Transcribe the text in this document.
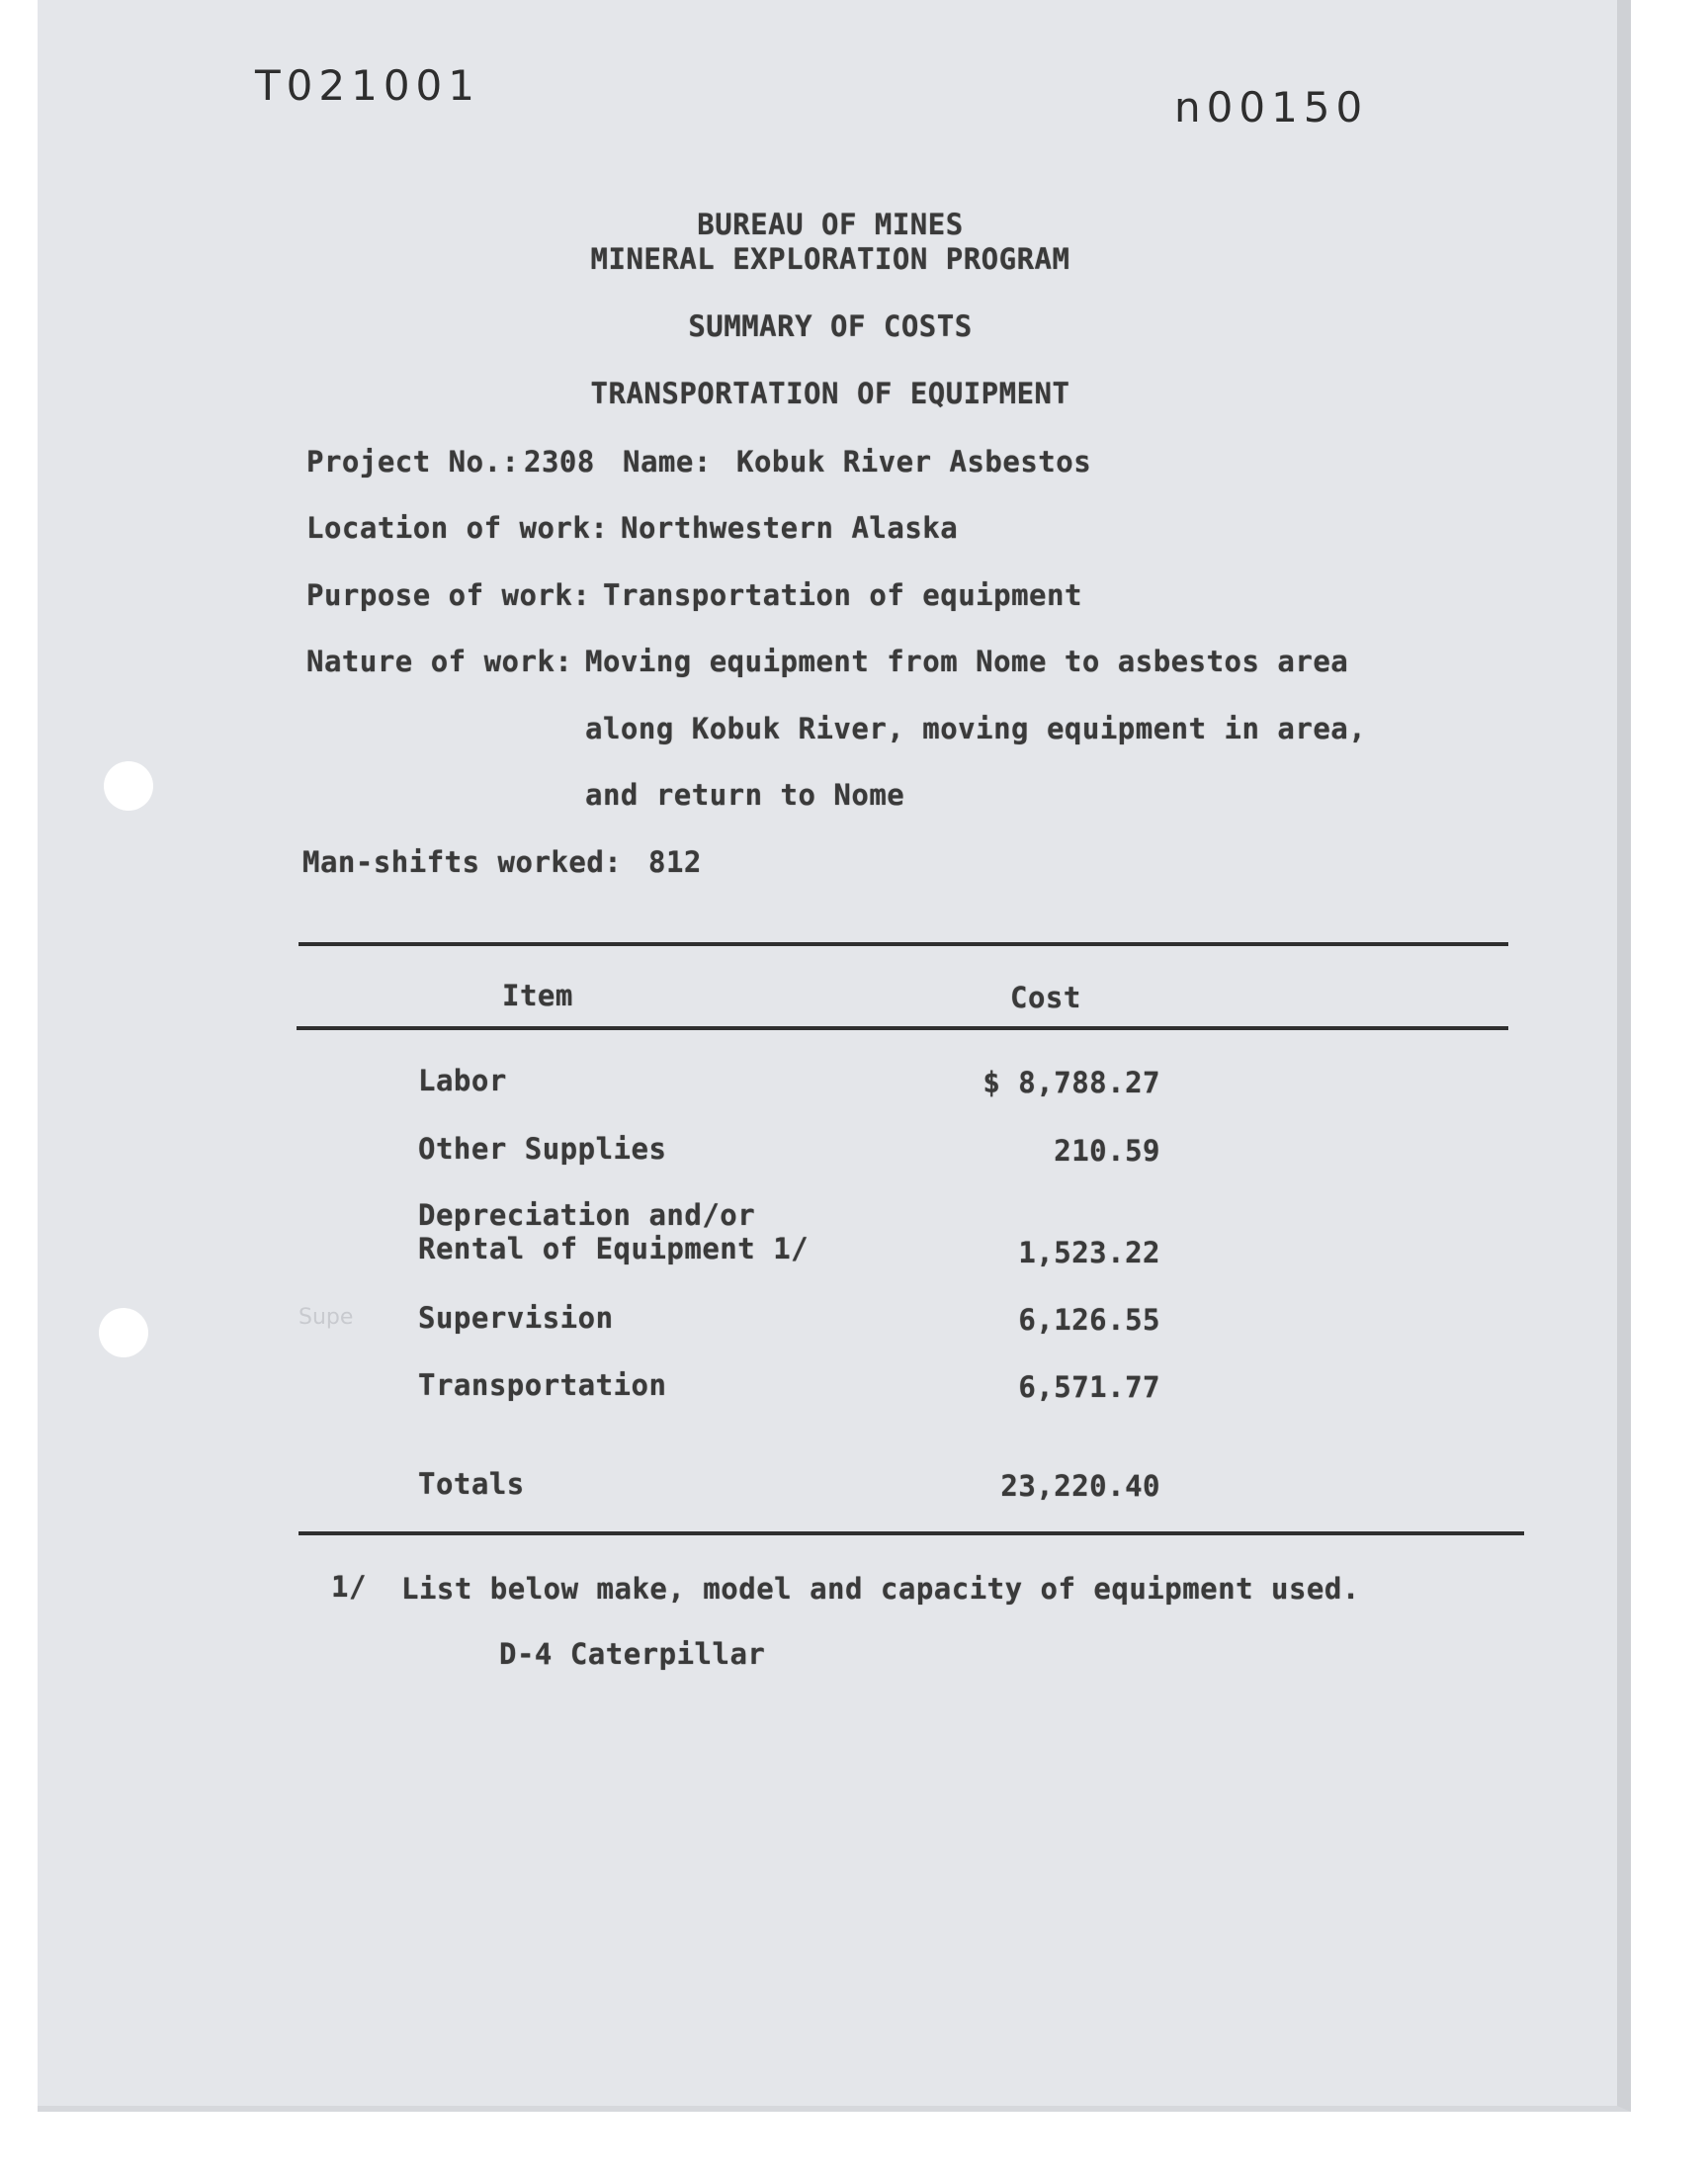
T021001	n00150
BUREAU OF MINES
MINERAL EXPLORATION PROGRAM
SUMMARY OF COSTS
TRANSPORTATION OF EQUIPMENT
Project No.: 2308 Name: Kobuk River Asbestos
Location of work: Northwestern Alaska
Purpose of work: Transportation of equipment
Nature of work: Moving equipment from Nome to asbestos area
along Kobuk River, moving equipment in area,
and return to Nome
Man-shifts worked: 812
Item	Cost
Labor	$ 8,788.27
Other Supplies	210.59
Depreciation and/or
Rental of Equipment 1/	1,523.22
Supe Supervision	6,126.55
Transportation	6,571.77
Totals	23,220.40
1/ List below make, model and capacity of equipment used.
D-4 Caterpillar
